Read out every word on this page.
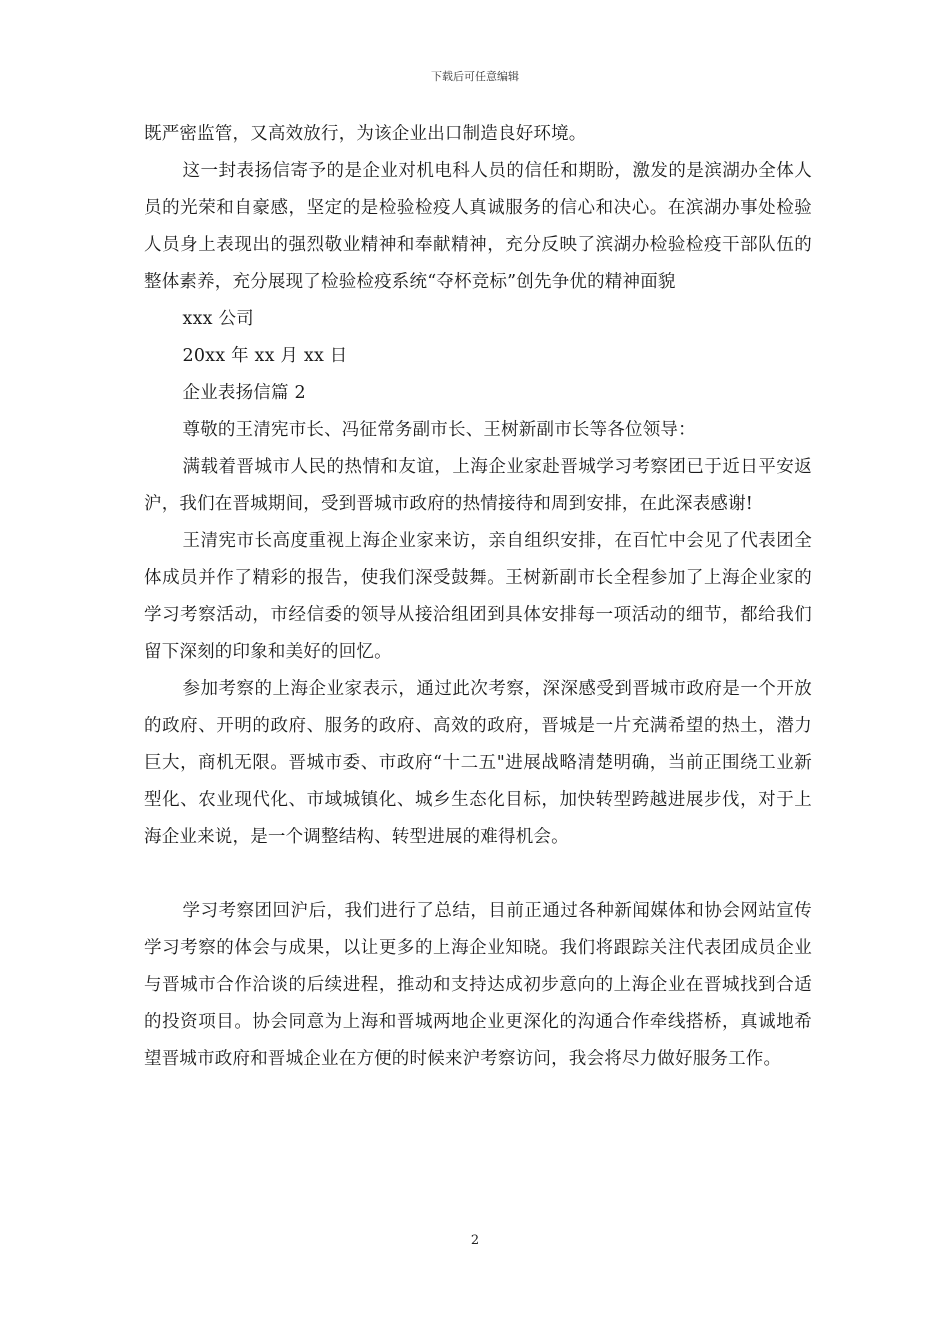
下载后可任意编辑

既严密监管，又高效放行，为该企业出口制造良好环境。

这一封表扬信寄予的是企业对机电科人员的信任和期盼，激发的是滨湖办全体人员的光荣和自豪感，坚定的是检验检疫人真诚服务的信心和决心。在滨湖办事处检验人员身上表现出的强烈敬业精神和奉献精神，充分反映了滨湖办检验检疫干部队伍的整体素养，充分展现了检验检疫系统“夺杯竞标”创先争优的精神面貌

xxx 公司

20xx 年 xx 月 xx 日

企业表扬信篇 2

尊敬的王清宪市长、冯征常务副市长、王树新副市长等各位领导：

满载着晋城市人民的热情和友谊，上海企业家赴晋城学习考察团已于近日平安返沪，我们在晋城期间，受到晋城市政府的热情接待和周到安排，在此深表感谢!

王清宪市长高度重视上海企业家来访，亲自组织安排，在百忙中会见了代表团全体成员并作了精彩的报告，使我们深受鼓舞。王树新副市长全程参加了上海企业家的学习考察活动，市经信委的领导从接洽组团到具体安排每一项活动的细节，都给我们留下深刻的印象和美好的回忆。

参加考察的上海企业家表示，通过此次考察，深深感受到晋城市政府是一个开放的政府、开明的政府、服务的政府、高效的政府，晋城是一片充满希望的热土，潜力巨大，商机无限。晋城市委、市政府“十二五"进展战略清楚明确，当前正围绕工业新型化、农业现代化、市域城镇化、城乡生态化目标，加快转型跨越进展步伐，对于上海企业来说，是一个调整结构、转型进展的难得机会。

学习考察团回沪后，我们进行了总结，目前正通过各种新闻媒体和协会网站宣传学习考察的体会与成果，以让更多的上海企业知晓。我们将跟踪关注代表团成员企业与晋城市合作洽谈的后续进程，推动和支持达成初步意向的上海企业在晋城找到合适的投资项目。协会同意为上海和晋城两地企业更深化的沟通合作牵线搭桥，真诚地希望晋城市政府和晋城企业在方便的时候来沪考察访问，我会将尽力做好服务工作。

2
